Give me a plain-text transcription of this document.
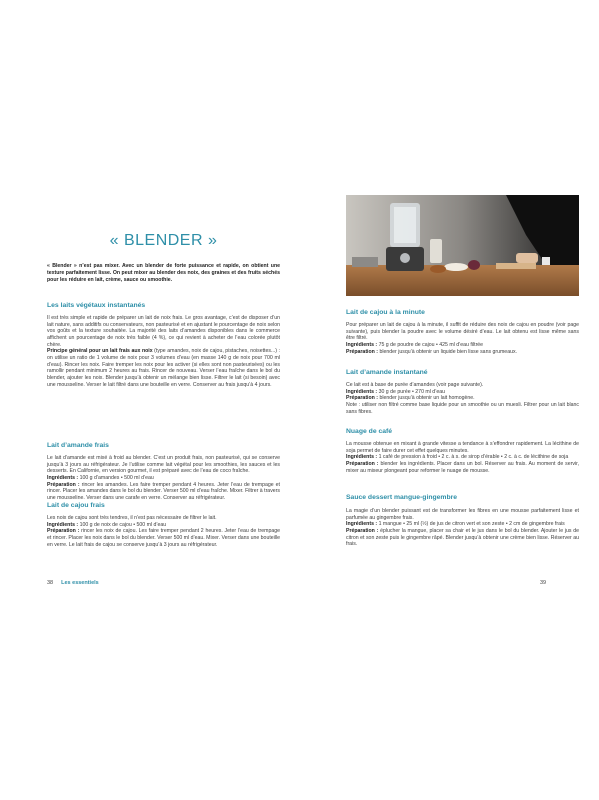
« BLENDER »

« Blender » n’est pas mixer. Avec un blender de forte puissance et rapide, on obtient une texture parfaitement lisse. On peut mixer au blender des noix, des graines et des fruits séchés pour les réduire en lait, crème, sauce ou smoothie.

Les laits végétaux instantanés

Il est très simple et rapide de préparer un lait de noix frais. Le gros avantage, c’est de disposer d’un lait nature, sans additifs ou conservateurs, non pasteurisé et en ajustant le pourcentage de noix selon vos goûts et la texture souhaitée. La majorité des laits d’amandes disponibles dans le commerce affichent un pourcentage de noix très faible (4 %), ce qui revient à acheter de l’eau colorée plutôt chère.

Principe général pour un lait frais aux noix (type amandes, noix de cajou, pistaches, noisettes...) : on utilise un ratio de 1 volume de noix pour 3 volumes d’eau (en masse 140 g de noix pour 700 ml d’eau). Rincer les noix. Faire tremper les noix pour les activer (si elles sont non pasteurisées) ou les ramollir pendant minimum 2 heures au frais. Rincer de nouveau. Verser l’eau fraîche dans le bol du blender, ajouter les noix. Blender jusqu’à obtenir un mélange bien lisse. Filtrer le lait (si besoin) avec une mousseline. Verser le lait filtré dans une bouteille en verre. Conserver au frais jusqu’à 4 jours.

Lait d’amande frais

Le lait d’amande est mixé à froid au blender. C’est un produit frais, non pasteurisé, qui se conserve jusqu’à 3 jours au réfrigérateur. Je l’utilise comme lait végétal pour les smoothies, les sauces et les desserts. En Californie, en version gourmet, il est préparé avec de l’eau de coco fraîche.

Ingrédients : 100 g d’amandes • 500 ml d’eau

Préparation : rincer les amandes. Les faire tremper pendant 4 heures. Jeter l’eau de trempage et rincer. Placer les amandes dans le bol du blender. Verser 500 ml d’eau fraîche. Mixer. Filtrer à travers une mousseline. Verser dans une carafe en verre. Conserver au réfrigérateur.

Lait de cajou frais

Les noix de cajou sont très tendres, il n’est pas nécessaire de filtrer le lait.

Ingrédients : 100 g de noix de cajou • 500 ml d’eau

Préparation : rincer les noix de cajou. Les faire tremper pendant 2 heures. Jeter l’eau de trempage et rincer. Placer les noix dans le bol du blender. Verser 500 ml d’eau. Mixer. Verser dans une bouteille en verre. Le lait frais de cajou se conserve jusqu’à 3 jours au réfrigérateur.

38 Les essentiels
Lait de cajou à la minute

Pour préparer un lait de cajou à la minute, il suffit de réduire des noix de cajou en poudre (voir page suivante), puis blender la poudre avec le volume désiré d’eau. Le lait obtenu est lisse même sans être filtré.

Ingrédients : 75 g de poudre de cajou • 425 ml d’eau filtrée

Préparation : blender jusqu’à obtenir un liquide bien lisse sans grumeaux.

Lait d’amande instantané

Ce lait est à base de purée d’amandes (voir page suivante).

Ingrédients : 30 g de purée • 270 ml d’eau

Préparation : blender jusqu’à obtenir un lait homogène.

Note : utiliser non filtré comme base liquide pour un smoothie ou un muesli. Filtrer pour un lait blanc sans fibres.

Nuage de café

La mousse obtenue en mixant à grande vitesse a tendance à s’effondrer rapidement. La lécithine de soja permet de faire durer cet effet quelques minutes.

Ingrédients : 1 café de pression à froid • 2 c. à s. de sirop d’érable • 2 c. à c. de lécithine de soja

Préparation : blender les ingrédients. Placer dans un bol. Réserver au frais. Au moment de servir, mixer au mixeur plongeant pour reformer le nuage de mousse.

Sauce dessert mangue-gingembre

La magie d’un blender puissant est de transformer les fibres en une mousse parfaitement lisse et parfumée au gingembre frais.

Ingrédients : 1 mangue • 25 ml (½) de jus de citron vert et son zeste • 2 cm de gingembre frais

Préparation : éplucher la mangue, placer sa chair et le jus dans le bol du blender. Ajouter le jus de citron et son zeste puis le gingembre râpé. Blender jusqu’à obtenir une crème bien lisse. Réserver au frais.

39
